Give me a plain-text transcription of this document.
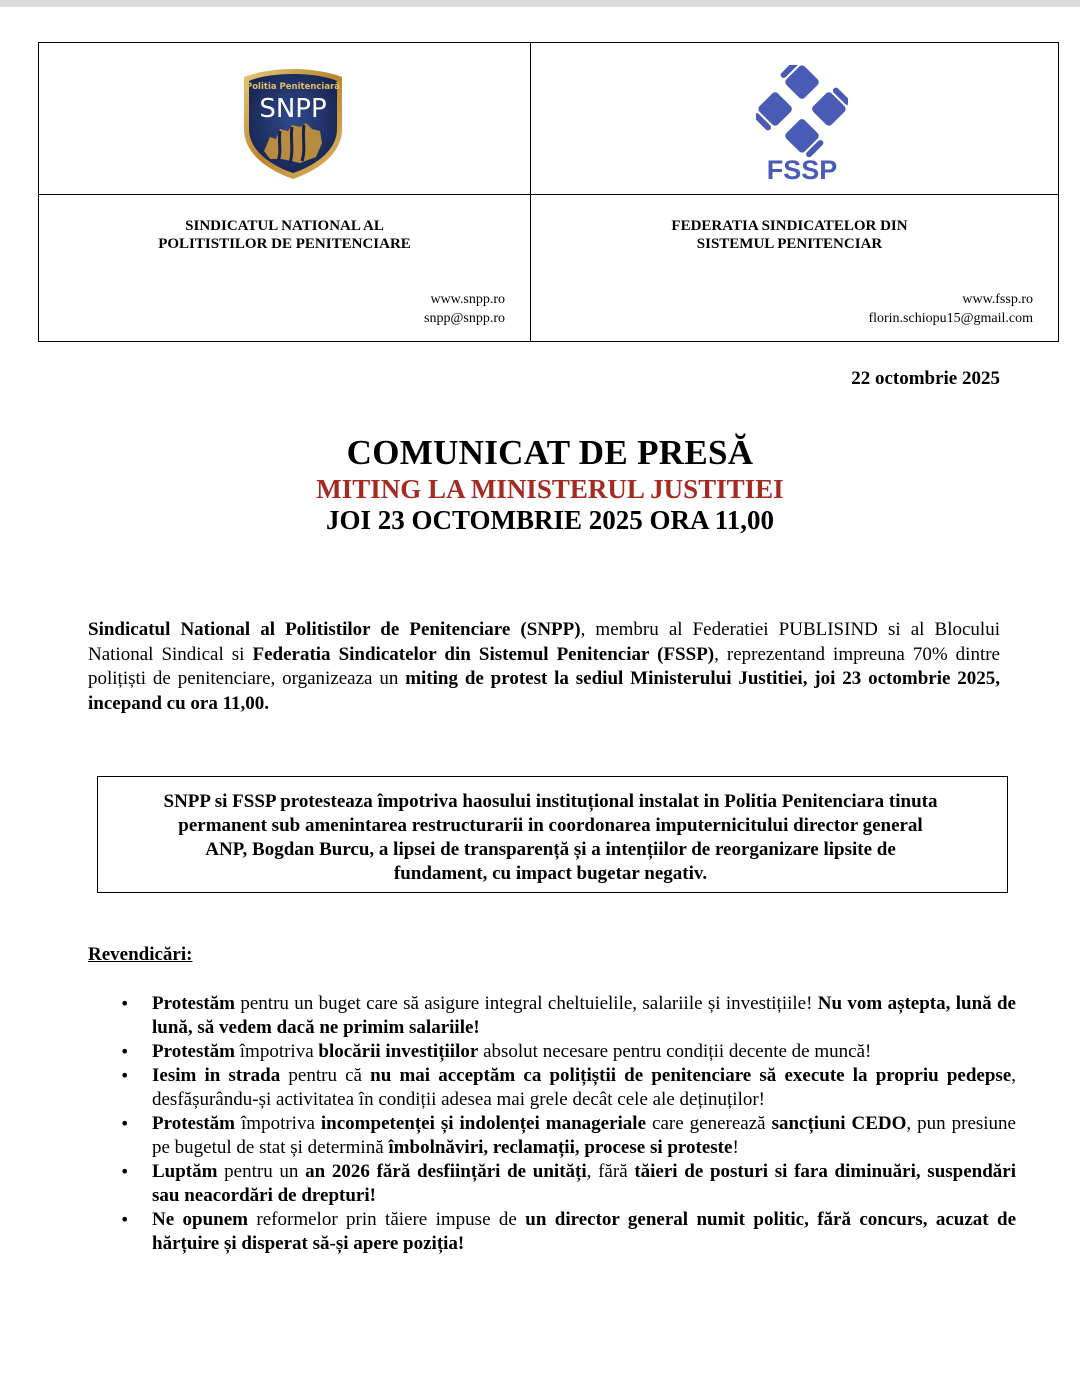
Politia Penitenciară
SNPP
FSSP
SINDICATUL NATIONAL AL
POLITISTILOR DE PENITENCIARE
www.snpp.ro
snpp@snpp.ro
FEDERATIA SINDICATELOR DIN
SISTEMUL PENITENCIAR
www.fssp.ro
florin.schiopu15@gmail.com
22 octombrie 2025
COMUNICAT DE PRESĂ
MITING LA MINISTERUL JUSTITIEI
JOI 23 OCTOMBRIE 2025 ORA 11,00

Sindicatul National al Politistilor de Penitenciare (SNPP), membru al Federatiei PUBLISIND si al Blocului National Sindical si Federatia Sindicatelor din Sistemul Penitenciar (FSSP), reprezentand impreuna 70% dintre polițiști de penitenciare, organizeaza un miting de protest la sediul Ministerului Justitiei, joi 23 octombrie 2025, incepand cu ora 11,00.

SNPP si FSSP protesteaza împotriva haosului instituțional instalat in Politia Penitenciara tinuta
permanent sub amenintarea restructurarii in coordonarea imputernicitului director general
ANP, Bogdan Burcu, a lipsei de transparență și a intențiilor de reorganizare lipsite de
fundament, cu impact bugetar negativ.
Revendicări:
• Protestăm pentru un buget care să asigure integral cheltuielile, salariile și investițiile! Nu vom aștepta, lună de lună, să vedem dacă ne primim salariile!
• Protestăm împotriva blocării investițiilor absolut necesare pentru condiții decente de muncă!
• Iesim in strada pentru că nu mai acceptăm ca polițiștii de penitenciare să execute la propriu pedepse, desfășurându-și activitatea în condiții adesea mai grele decât cele ale deținuților!
• Protestăm împotriva incompetenței și indolenței manageriale care generează sancțiuni CEDO, pun presiune pe bugetul de stat și determină îmbolnăviri, reclamații, procese si proteste!
• Luptăm pentru un an 2026 fără desființări de unități, fără tăieri de posturi si fara diminuări, suspendări sau neacordări de drepturi!
• Ne opunem reformelor prin tăiere impuse de un director general numit politic, fără concurs, acuzat de hărțuire și disperat să-și apere poziția!
